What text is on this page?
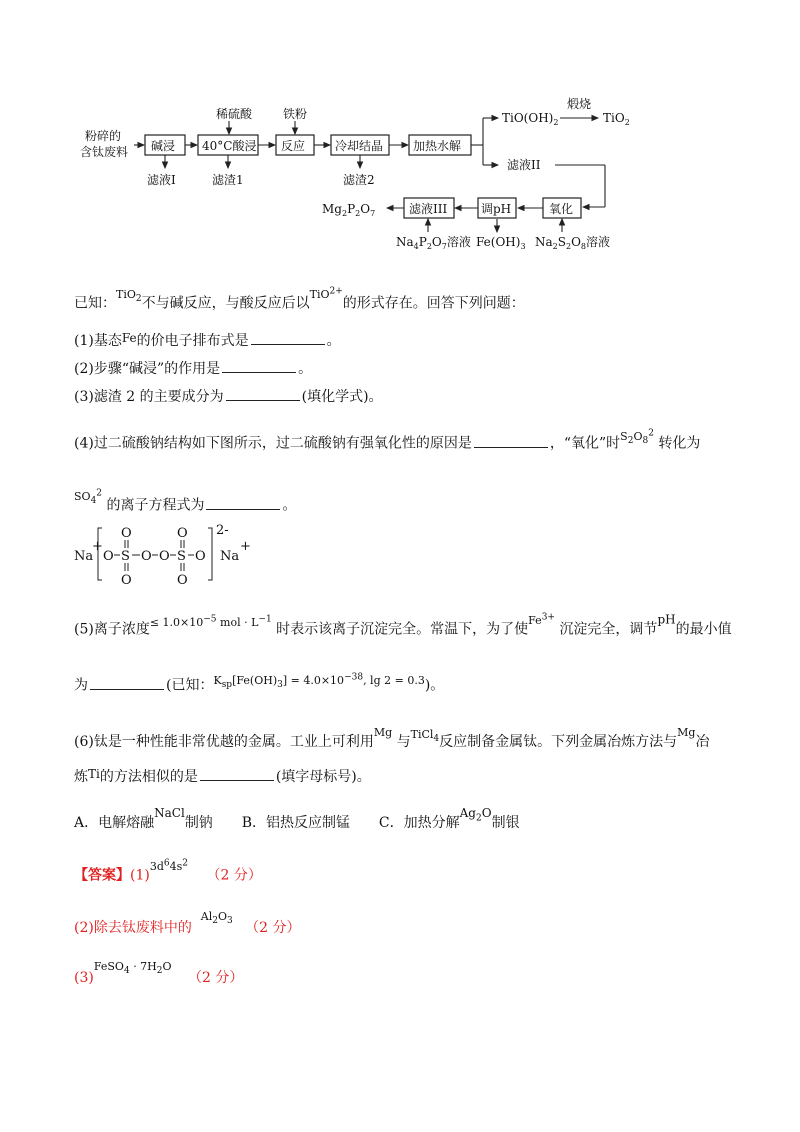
粉碎的
含钛废料 碱浸 40°C酸浸 反应 冷却结晶 加热水解
稀硫酸	铁粉
滤液I	滤渣1	滤渣2
$TiO(OH)_2$
煅烧
TiO$_2$
滤液II
氧化
调pH
滤液III
$Mg_2P_2O_7$
$Na_4P_2O_7$溶液 $Fe(OH)_3$ $Na_2S_2O_8$溶液
已知：$^{TiO_2}$不与碱反应，与酸反应后以$^{TiO^{2+}}$的形式存在。回答下列问题：
(1)基态Fe的价电子排布式是	。
(2)步骤“碱浸”的作用是	。
(3)滤渣 2 的主要成分为	(填化学式)。
(4)过二硫酸钠结构如下图所示，过二硫酸钠有强氧化性的原因是	，“氧化”时$^{S_2O_8^2}$ 转化为
$^{SO_4^2}$ 的离子方程式为	。
Na
+
O S
O
O
O O S
O
O
O
2-
Na
+
(5)离子浓度$^{\le 1.0\times 10^{-5} mol \cdot L^{-1}}$ 时表示该离子沉淀完全。常温下，为了使$^{Fe^{3+}}$ 沉淀完全，调节pH的最小值
为	(已知：$^{K_{sp}[Fe(OH)_3] = 4.0\times 10^{-38}, lg 2 = 0.3}$)。
(6)钛是一种性能非常优越的金属。工业上可利用$^{Mg}$ 与$^{TiCl_4}$反应制备金属钛。下列金属冶炼方法与$^{Mg}$冶
炼Ti的方法相似的是	(填字母标号)。
A．电解熔融NaCl制钠 B．铝热反应制锰 C．加热分解$Ag_2O$制银
【答案】$(1)^{3d^64s^2}$ （2 分）
(2)除去钛废料中的  $^{Al_2O_3}$ （2 分）
$(3)^{FeSO_4 \cdot 7H_2O}$ （2 分）
